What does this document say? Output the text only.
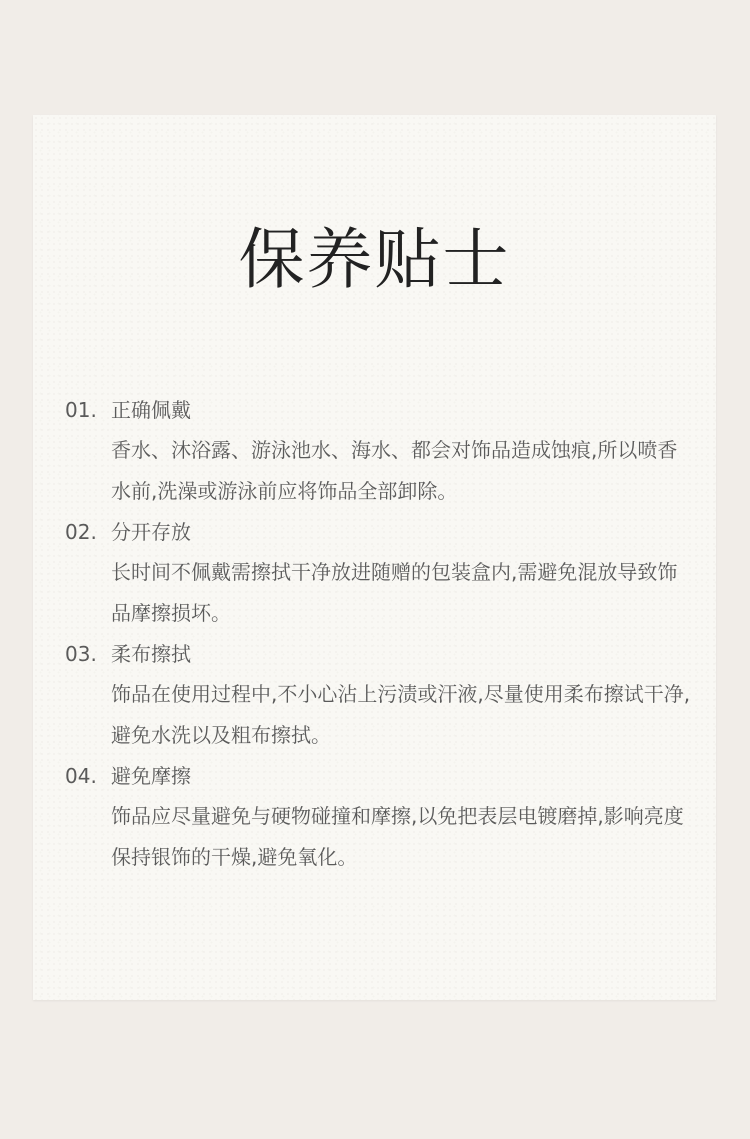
保养贴士
01. 正确佩戴
香水、沐浴露、游泳池水、海水、都会对饰品造成蚀痕,所以喷香水前,洗澡或游泳前应将饰品全部卸除。
02. 分开存放
长时间不佩戴需擦拭干净放进随赠的包装盒内,需避免混放导致饰品摩擦损坏。
03. 柔布擦拭
饰品在使用过程中,不小心沾上污渍或汗液,尽量使用柔布擦试干净,避免水洗以及粗布擦拭。
04. 避免摩擦
饰品应尽量避免与硬物碰撞和摩擦,以免把表层电镀磨掉,影响亮度保持银饰的干燥,避免氧化。
